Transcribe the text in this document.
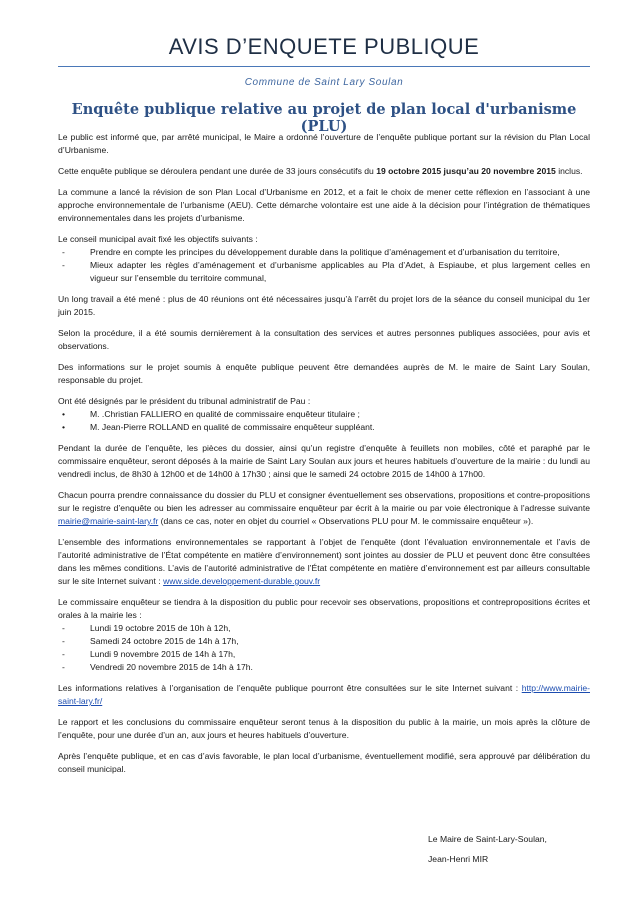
AVIS D’ENQUETE PUBLIQUE
Commune de Saint Lary Soulan
Enquête publique relative au projet de plan local d'urbanisme (PLU)

Le public est informé que, par arrêté municipal, le Maire a ordonné l’ouverture de l’enquête publique portant sur la révision du Plan Local d’Urbanisme.

Cette enquête publique se déroulera pendant une durée de 33 jours consécutifs du 19 octobre 2015 jusqu’au 20 novembre 2015 inclus.

La commune a lancé la révision de son Plan Local d’Urbanisme en 2012, et a fait le choix de mener cette réflexion en l’associant à une approche environnementale de l’urbanisme (AEU). Cette démarche volontaire est une aide à la décision pour l’intégration de thématiques environnementales dans les projets d’urbanisme.

Le conseil municipal avait fixé les objectifs suivants :

-	Prendre en compte les principes du développement durable dans la politique d’aménagement et d’urbanisation du territoire,
-	Mieux adapter les règles d’aménagement et d’urbanisme applicables au Pla d’Adet, à Espiaube, et plus largement celles en vigueur sur l’ensemble du territoire communal,

Un long travail a été mené : plus de 40 réunions ont été nécessaires jusqu’à l’arrêt du projet lors de la séance du conseil municipal du 1er juin 2015.

Selon la procédure, il a été soumis dernièrement à la consultation des services et autres personnes publiques associées, pour avis et observations.

Des informations sur le projet soumis à enquête publique peuvent être demandées auprès de M. le maire de Saint Lary Soulan, responsable du projet.

Ont été désignés par le président du tribunal administratif de Pau :

•	M. .Christian FALLIERO en qualité de commissaire enquêteur titulaire ;
•	M. Jean-Pierre ROLLAND en qualité de commissaire enquêteur suppléant.

Pendant la durée de l’enquête, les pièces du dossier, ainsi qu’un registre d’enquête à feuillets non mobiles, côté et paraphé par le commissaire enquêteur, seront déposés à la mairie de Saint Lary Soulan aux jours et heures habituels d’ouverture de la mairie : du lundi au vendredi inclus, de 8h30 à 12h00 et de 14h00 à 17h30 ; ainsi que le samedi 24 octobre 2015 de 14h00 à 17h00.

Chacun pourra prendre connaissance du dossier du PLU et consigner éventuellement ses observations, propositions et contre-propositions sur le registre d’enquête ou bien les adresser au commissaire enquêteur par écrit à la mairie ou par voie électronique à l’adresse suivante mairie@mairie-saint-lary.fr (dans ce cas, noter en objet du courriel « Observations PLU pour M. le commissaire enquêteur »).

L’ensemble des informations environnementales se rapportant à l’objet de l’enquête (dont l’évaluation environnementale et l’avis de l’autorité administrative de l’État compétente en matière d’environnement) sont jointes au dossier de PLU et peuvent donc être consultées dans les mêmes conditions. L’avis de l’autorité administrative de l’État compétente en matière d’environnement est par ailleurs consultable sur le site Internet suivant : www.side.developpement-durable.gouv.fr

Le commissaire enquêteur se tiendra à la disposition du public pour recevoir ses observations, propositions et contrepropositions écrites et orales à la mairie les :

-	Lundi 19 octobre 2015 de 10h à 12h,
-	Samedi 24 octobre 2015 de 14h à 17h,
-	Lundi 9 novembre 2015 de 14h à 17h,
-	Vendredi 20 novembre 2015 de 14h à 17h.

Les informations relatives à l’organisation de l’enquête publique pourront être consultées sur le site Internet suivant : http://www.mairie-saint-lary.fr/

Le rapport et les conclusions du commissaire enquêteur seront tenus à la disposition du public à la mairie, un mois après la clôture de l’enquête, pour une durée d’un an, aux jours et heures habituels d’ouverture.

Après l’enquête publique, et en cas d’avis favorable, le plan local d’urbanisme, éventuellement modifié, sera approuvé par délibération du conseil municipal.

Le Maire de Saint-Lary-Soulan,
Jean-Henri MIR
